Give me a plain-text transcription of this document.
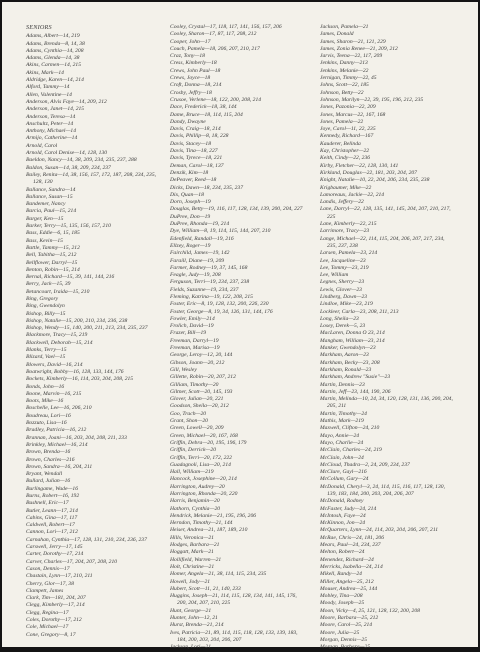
SENIORS
Adams, Albert—14, 219
Adams, Brenda—8, 14, 38
Adams, Cynthia—14, 208
Adams, Glenda—14, 38
Akins, Carmen—14, 215
Akins, Mark—14
Aldridge, Karen—14, 214
Alford, Tammy—14
Allen, Valentine—14
Anderson, Alvis Faye—14, 209, 212
Anderson, Janet—14, 215
Anderson, Teresa—14
Anschultz, Peter—14
Anthony, Michael—14
Armijo, Catherine—14
Arnold, Carol
Arnold, Carol Denise—14, 128, 130
Baeldon, Nancy—14, 38, 209, 234, 235, 237, 288
Baldon, Susan—14, 38, 209, 234, 237
Bailey, Renita—14, 38, 156, 157, 172, 187, 208, 234, 235, 128, 130
Ballance, Sandra—14
Ballance, Susan—15
Bandemer, Nancy
Barcia, Paul—15, 214
Barger, Ken—15
Barker, Terry—15, 135, 156, 157, 210
Bass, Eddie—6, 15, 185
Bass, Kevin—15
Battle, Tammy—15, 212
Bell, Tabitha—15, 212
Bellflower, Darryl—15
Benton, Robin—15, 214
Bernal, Richard—15, 39, 141, 144, 216
Berry, Jack—15, 39
Betancourt, Iraida—15, 210
Bing, Gregory
Bing, Gwendolyn
Bishop, Billy—15
Bishop, Natalie—15, 200, 210, 234, 236, 238
Bishop, Wendy—15, 140, 200, 211, 213, 234, 235, 237
Blackmore, Tracy—15, 219
Blackwell, Deborah—15, 214
Blanks, Terry—15
Blizard, Vael—15
Blowers, David—16, 214
Boatwright, Bobby—16, 128, 133, 144, 176
Bockets, Kimberly—16, 114, 203, 204, 208, 215
Bonds, John—16
Boone, Marvin—16, 215
Boots, Mike—16
Boschelle, Lee—16, 206, 210
Boudreau, Lori—16
Bozzuto, Lisa—16
Bradley, Patricia—16, 212
Brannan, Joani—16, 203, 204, 208, 211, 233
Brinkley, Michael—16, 214
Brown, Brenda—16
Brown, Charles—216
Brown, Sandra—16, 204, 211
Bryant, Wendall
Bullard, Julian—16
Burlingame, Wade—16
Burns, Robert—16, 192
Bushnell, Eric—17
Butler, Leann—17, 214
Cabins, Gina—17, 117
Caldwell, Robert—17
Cannon, Lori—17, 212
Carnahan, Cynthia—17, 128, 131, 210, 234, 236, 237
Carswell, Jerry—17, 145
Carter, Dorothy—17, 214
Carver, Charles—17, 204, 207, 208, 210
Cason, Dennis—17
Chastain, Lynn—17, 210, 211
Cherry, Glor—17, 38
Clampett, James
Clark, Tim—181, 204, 207
Clegg, Kimberly—17, 214
Clegg, Regina—17
Coles, Dorothy—17, 212
Cole, Michael—17
Cone, Gregory—8, 17
Cooley, Crystal—17, 118, 117, 141, 156, 157, 206
Cooley, Sharon—17, 87, 117, 208, 212
Cooper, John—17
Couch, Pamela—18, 206, 207, 210, 217
Craz, Tony—18
Cress, Kimberly—18
Crews, John Paul—18
Crews, Joyce—18
Croft, Donna—18, 214
Crosby, Jeffry—18
Crusoe, Verlene—18, 122, 200, 208, 214
Dace, Frederick—18, 38, 144
Dame, Bruce—18, 114, 115, 204
Dandy, Dwayne
Davis, Craig—18, 214
Davis, Phillip—8, 18, 228
Davis, Stacey—18
Davis, Tina—18, 227
Davis, Tyrece—18, 221
Deman, Carol—18, 137
Denzik, Kim—18
DePeaver, Reed—18
Dicks, Dawn—18, 234, 235, 237
Dix, Quan—18
Dorn, Joseph—19
Douglas, Betty—19, 116, 117, 128, 134, 139, 200, 204, 227
DuPree, Don—19
DuPree, Rhonda—19, 214
Dye, William—8, 19, 114, 115, 144, 207, 210
Edenfield, Randall—19, 216
Ellzey, Roger—19
Fairchild, James—19, 142
Faraill, Diane—19, 209
Farmer, Rodney—19, 37, 145, 168
Feagle, Judy—19, 208
Ferguson, Terri—19, 234, 237, 238
Fields, Suzanne—19, 234, 237
Fleming, Katrina—19, 122, 208, 215
Foster, Eric—8, 19, 128, 132, 200, 226, 230
Foster, George—8, 19, 34, 126, 131, 144, 176
Fowler, Emily—214
Frolich, David—19
Frazer, Bill—19
Freeman, Darryl—19
Freeman, Marisa—19
George, Leroy—12, 20, 144
Gibson, Joann—20, 212
Gill, Wesley
Gillette, Robin—20, 207, 212
Gilliam, Timothy—20
Giltner, Scott—20, 145, 193
Glover, Julian—20, 221
Goodson, Sheila—20, 212
Goo, Trach—20
Grant, Shon—20
Green, Lowell—20, 209
Green, Michael—20, 167, 168
Griffin, Debra—20, 195, 196, 179
Griffin, Derrick—20
Griffin, Terri—20, 172, 222
Guadagnoli, Lisa—20, 214
Hall, William—219
Hancock, Josephine—20, 214
Harrington, Audrey—20
Harrington, Rhonda—20, 220
Harris, Benjamin—20
Hathorn, Cynthia—20
Hendrick, Melanie—21, 195, 196, 206
Herndon, Timothy—21, 144
Heiser, Andrea—21, 187, 189, 210
Hills, Veronica—21
Hodges, Barbara—21
Hoggatt, Mark—21
Hollifield, Warren—21
Holt, Christine—21
Homer, Angela—21, 38, 114, 115, 234, 235
Howell, Jody—21
Hubert, Scott—11, 21, 140, 233
Huggins, Joseph—21, 114, 115, 128, 134, 141, 145, 176, 200, 204, 207, 210, 225
Hunt, George—21
Hunter, John—12, 21
Hurst, Brenda—21, 214
Ives, Patricia—21, 89, 114, 115, 118, 128, 133, 139, 183, 184, 200, 203, 204, 206, 207
Jackson, Lori—21
Jackson, Pamela—21
James, Donald
James, Sharon—21, 121, 229
James, Zonia Renee—21, 209, 212
Jarvis, Teena—22, 117, 209
Jenkins, Danny—213
Jenkins, Melanie—22
Jernigan, Timmy—22, 45
Johns, Scott—22, 185
Johnson, Betty—22
Johnson, Marilyn—22, 39, 195, 196, 212, 235
Jones, Pazonia—22, 209
Jones, Marcus—22, 167, 168
Jones, Pamela—22
Joye, Carol—11, 22, 235
Kennedy, Richard—167
Kauderer, Belinda
Kay, Christopher—22
Keith, Cindy—22, 236
Kirby, Fletcher—22, 128, 130, 141
Kirkland, Douglas—22, 181, 203, 204, 207
Knight, Natalie—10, 22, 204, 206, 234, 235, 238
Krigbaumer, Mike—22
Lamoreaux, Jackie—22, 214
Landis, Jeffery—22
Lane, Darryl—22, 128, 135, 141, 145, 204, 207, 210, 217, 225
Lane, Kimberly—22, 215
Larrimore, Tracy—23
Lange, Michael—22, 114, 115, 204, 206, 207, 217, 234, 235, 237, 238
Larsen, Pamela—23, 214
Lee, Jacqueline—23
Lee, Tommy—23, 219
Lee, William
Legnes, Sherry—23
Lewis, Glover—23
Lindberg, Dawn—23
Lindloe, Mike—23, 219
Lockleer, Carla—23, 208, 211, 213
Long, Sheila—23
Losey, Derek—5, 23
MacLaren, Donna O 23, 214
Mangham, William—23, 214
Manker, Gwendolyn—23
Markham, Aaron—23
Markham, Becky—23, 208
Markham, Ronald—23
Markham, Andrew "Susie"—23
Martin, Dennis—23
Martin, Jeff—23, 144, 190, 206
Martin, Melinda—10, 24, 34, 120, 128, 131, 136, 200, 204, 205, 211
Martin, Timothy—24
Mathis, Mark—219
Maxwell, Clifton—24, 210
Mayo, Annie—24
Mayo, Charlie—24
McClain, Charles—24, 219
McClain, John—24
McCloud, Thadra—2, 24, 209, 234, 237
McClure, Gayl—216
McCollum, Gary—24
McDonald, Cheryl—3, 24, 114, 115, 116, 117, 128, 130, 139, 183, 184, 200, 203, 204, 206, 207
McDonald, Rodney
McFaster, Judy—24, 214
McIntosh, Faye—24
McKinnon, Jon—24
McQuarters, Lynn—24, 114, 203, 204, 206, 207, 211
McRae, Chris—24, 181, 206
Mears, Paul—24, 234, 237
Melton, Robert—24
Menendez, Richard—24
Merricks, Isabella—24, 214
Mikell, Randy—24
Miller, Angela—25, 212
Mouser, Andrea—25, 144
Mobley, Tina—208
Moody, Joseph—25
Moon, Vicky—4, 25, 121, 128, 132, 200, 208
Moore, Barbara—25, 212
Moore, Carol—25, 214
Moore, Julia—25
Morgan, Dennis—25
Morgan, Barbara—25
